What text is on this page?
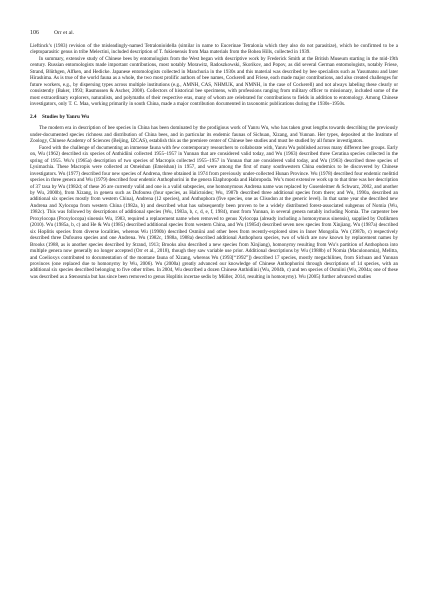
106	Orr et al.

Lieftinck’s (1983) revision of the misleadingly-named Tetralonioidella (similar in name to Eucerinae Tetralonia which they also do not parasitize), which he confirmed to be a cleptoparasitic genus in tribe Melectini, included description of T. fukienensis from Maa materials from the Bohea Hills, collected in 1939.

In summary, extensive study of Chinese bees by entomologists from the West began with descriptive work by Frederick Smith at the British Museum starting in the mid-19th century. Russian entomologists made important contributions, most notably Morawitz, Radoszkowski, Skorikov, and Popov, as did several German entomologists, notably Friese, Strand, Blüthgen, Alfken, and Hedicke. Japanese entomologists collected in Manchuria in the 1930s and this material was described by bee specialists such as Yasumatsu and later Hirashima. As is true of the world fauna as a whole, the two most prolific authors of bee names, Cockerell and Friese, each made major contributions, and also created challenges for future workers, e.g., by dispersing types across multiple institutions (e.g., AMNH, CAS, NHMUK, and NMNH, in the case of Cockerell) and not always labeling these clearly or consistently (Baker, 1993; Rasmussen & Ascher, 2008). Collectors of historical bee specimens, with professions ranging from military officer to missionary, included some of the most extraordinary explorers, naturalists, and polymaths of their respective eras, many of whom are celebrated for contributions to fields in addition to entomology. Among Chinese investigators, only T. C. Maa, working primarily in south China, made a major contribution documented in taxonomic publications during the 1930s–1950s.

2.4 Studies by Yanru Wu

The modern era in description of bee species in China has been dominated by the prodigious work of Yanru Wu, who has taken great lengths towards describing the previously under-documented species richness and distribution of China bees, and in particular its endemic faunas of Sichuan, Xizang, and Yunnan. Her types, deposited at the Institute of Zoology, Chinese Academy of Sciences (Beijing, IZCAS), establish this as the premiere center of Chinese bee studies and must be studied by all future investigators.

Faced with the challenge of documenting an immense fauna with few contemporary researchers to collaborate with, Yanru Wu published across many different bee groups. Early on, Wu (1962) described six species of Anthidiini collected 1955–1957 in Yunnan that are considered valid today, and Wu (1963) described three Ceratina species collected in the spring of 1955. Wu’s (1965a) description of two species of Macropis collected 1955–1957 in Yunnan that are considered valid today, and Wu (1963) described three species of Lysimachia. These Macropis were collected at Omeishan (Emeishan) in 1957, and were among the first of many southwestern China endemics to be discovered by Chinese investigators. Wu (1977) described four new species of Andrena, three obtained in 1974 from previously under-collected Hunan Province. Wu (1978) described four endemic melittid species in three genera and Wu (1979) described four endemic Anthophorini in the genera Elaphropoda and Habropoda. Wu’s most extensive work up to that time was her description of 37 taxa by Wu (1982d; of these 26 are currently valid and one is a valid subspecies, one homonymous Andrena name was replaced by Gusenleitner & Schwarz, 2002, and another by Wu, 2000b), from Xizang, in genera such as Dufourea (four species, as Halictoides; Wu, 1987b described three additional species from there; and Wu, 1990a, described an additional six species mostly from western China), Andrena (12 species), and Anthophora (five species, one as Clisodon at the generic level). In that same year she described new Andrena and Xylocopa from western China (1982a, b) and described what has subsequently been proven to be a widely distributed forest-associated subgenus of Nomia (Wu, 1982c). This was followed by descriptions of additional species (Wu, 1983a, b, c, d, e, f, 1984), most from Yunnan, in several genera notably including Nomia. The carpenter bee Proxylocopa (Proxylocopa) sinensis Wu, 1983, required a replacement name when removed to genus Xylocopa (already including a homonymous sinensis), supplied by Ozdikmen (2010). Wu (1985a, b, c) and He & Wu (1985) described additional species from western China, and Wu (1985d) described seven new species from Xinjiang. Wu (1987a) described six Hoplitis species from diverse localities, whereas Wu (1990b) described Osmiini and other bees from recently-explored sites in Inner Mongolia. Wu (1987b, c) respectively described three Dufourea species and one Andrena. Wu (1982c, 1988a, 1988a) described additional Anthophora species, two of which are now known by replacement names by Brooks (1988, as is another species described by Strand, 1913; Brooks also described a new species from Xinjiang), homonymy resulting from Wu’s partition of Anthophora into multiple genera now generally no longer accepted (Orr et al., 2018), though they saw variable use prior. Additional descriptions by Wu (1988b) of Nomia (Maculonomia), Melitta, and Coelioxys contributed to documentation of the montane fauna of Xizang, whereas Wu (1993[“1992”]) described 17 species, mostly megachilines, from Sichuan and Yunnan provinces (one replaced due to homonymy by Wu, 2006). Wu (2000a) greatly advanced our knowledge of Chinese Anthophorini through descriptions of 14 species, with an additional six species described belonging to five other tribes. In 2004, Wu described a dozen Chinese Anthidiini (Wu, 2004b, c) and ten species of Osmiini (Wu, 2004a; one of these was described as a Stenosmia but has since been removed to genus Hoplitis incertae sedis by Müller, 2014, resulting in homonymy). Wu (2005) further advanced studies
